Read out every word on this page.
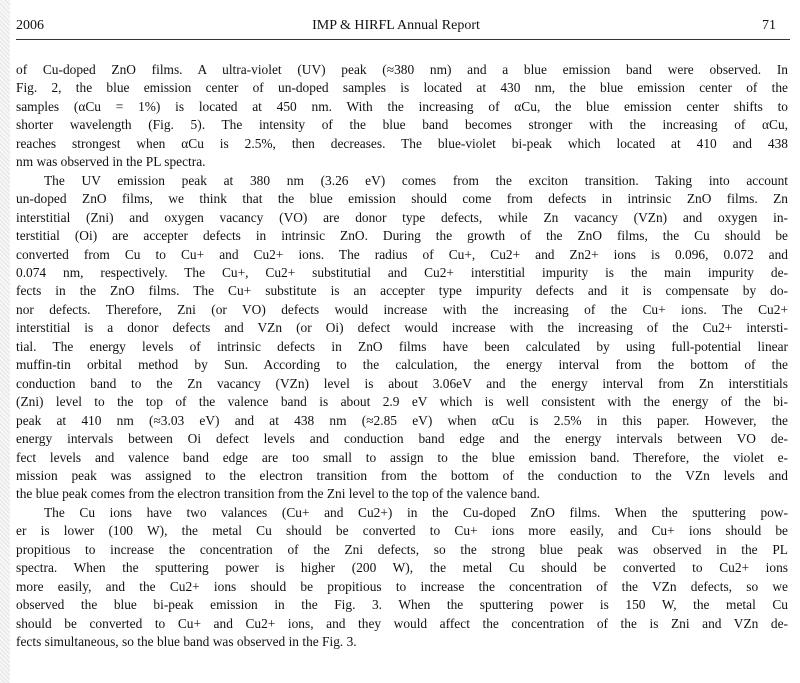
2006	IMP & HIRFL Annual Report	71
of Cu-doped ZnO films. A ultra-violet (UV) peak (≈380 nm) and a blue emission band were observed. In
Fig. 2, the blue emission center of un-doped samples is located at 430 nm, the blue emission center of the
samples (αCu = 1%) is located at 450 nm. With the increasing of αCu, the blue emission center shifts to
shorter wavelength (Fig. 5). The intensity of the blue band becomes stronger with the increasing of αCu,
reaches strongest when αCu is 2.5%, then decreases. The blue-violet bi-peak which located at 410 and 438
nm was observed in the PL spectra.
The UV emission peak at 380 nm (3.26 eV) comes from the exciton transition. Taking into account
un-doped ZnO films, we think that the blue emission should come from defects in intrinsic ZnO films. Zn
interstitial (Zni) and oxygen vacancy (VO) are donor type defects, while Zn vacancy (VZn) and oxygen in-
terstitial (Oi) are accepter defects in intrinsic ZnO. During the growth of the ZnO films, the Cu should be
converted from Cu to Cu+ and Cu2+ ions. The radius of Cu+, Cu2+ and Zn2+ ions is 0.096, 0.072 and
0.074 nm, respectively. The Cu+, Cu2+ substitutial and Cu2+ interstitial impurity is the main impurity de-
fects in the ZnO films. The Cu+ substitute is an accepter type impurity defects and it is compensate by do-
nor defects. Therefore, Zni (or VO) defects would increase with the increasing of the Cu+ ions. The Cu2+
interstitial is a donor defects and VZn (or Oi) defect would increase with the increasing of the Cu2+ intersti-
tial. The energy levels of intrinsic defects in ZnO films have been calculated by using full-potential linear
muffin-tin orbital method by Sun. According to the calculation, the energy interval from the bottom of the
conduction band to the Zn vacancy (VZn) level is about 3.06eV and the energy interval from Zn interstitials
(Zni) level to the top of the valence band is about 2.9 eV which is well consistent with the energy of the bi-
peak at 410 nm (≈3.03 eV) and at 438 nm (≈2.85 eV) when αCu is 2.5% in this paper. However, the
energy intervals between Oi defect levels and conduction band edge and the energy intervals between VO de-
fect levels and valence band edge are too small to assign to the blue emission band. Therefore, the violet e-
mission peak was assigned to the electron transition from the bottom of the conduction to the VZn levels and
the blue peak comes from the electron transition from the Zni level to the top of the valence band.
The Cu ions have two valances (Cu+ and Cu2+) in the Cu-doped ZnO films. When the sputtering pow-
er is lower (100 W), the metal Cu should be converted to Cu+ ions more easily, and Cu+ ions should be
propitious to increase the concentration of the Zni defects, so the strong blue peak was observed in the PL
spectra. When the sputtering power is higher (200 W), the metal Cu should be converted to Cu2+ ions
more easily, and the Cu2+ ions should be propitious to increase the concentration of the VZn defects, so we
observed the blue bi-peak emission in the Fig. 3. When the sputtering power is 150 W, the metal Cu
should be converted to Cu+ and Cu2+ ions, and they would affect the concentration of the is Zni and VZn de-
fects simultaneous, so the blue band was observed in the Fig. 3.
